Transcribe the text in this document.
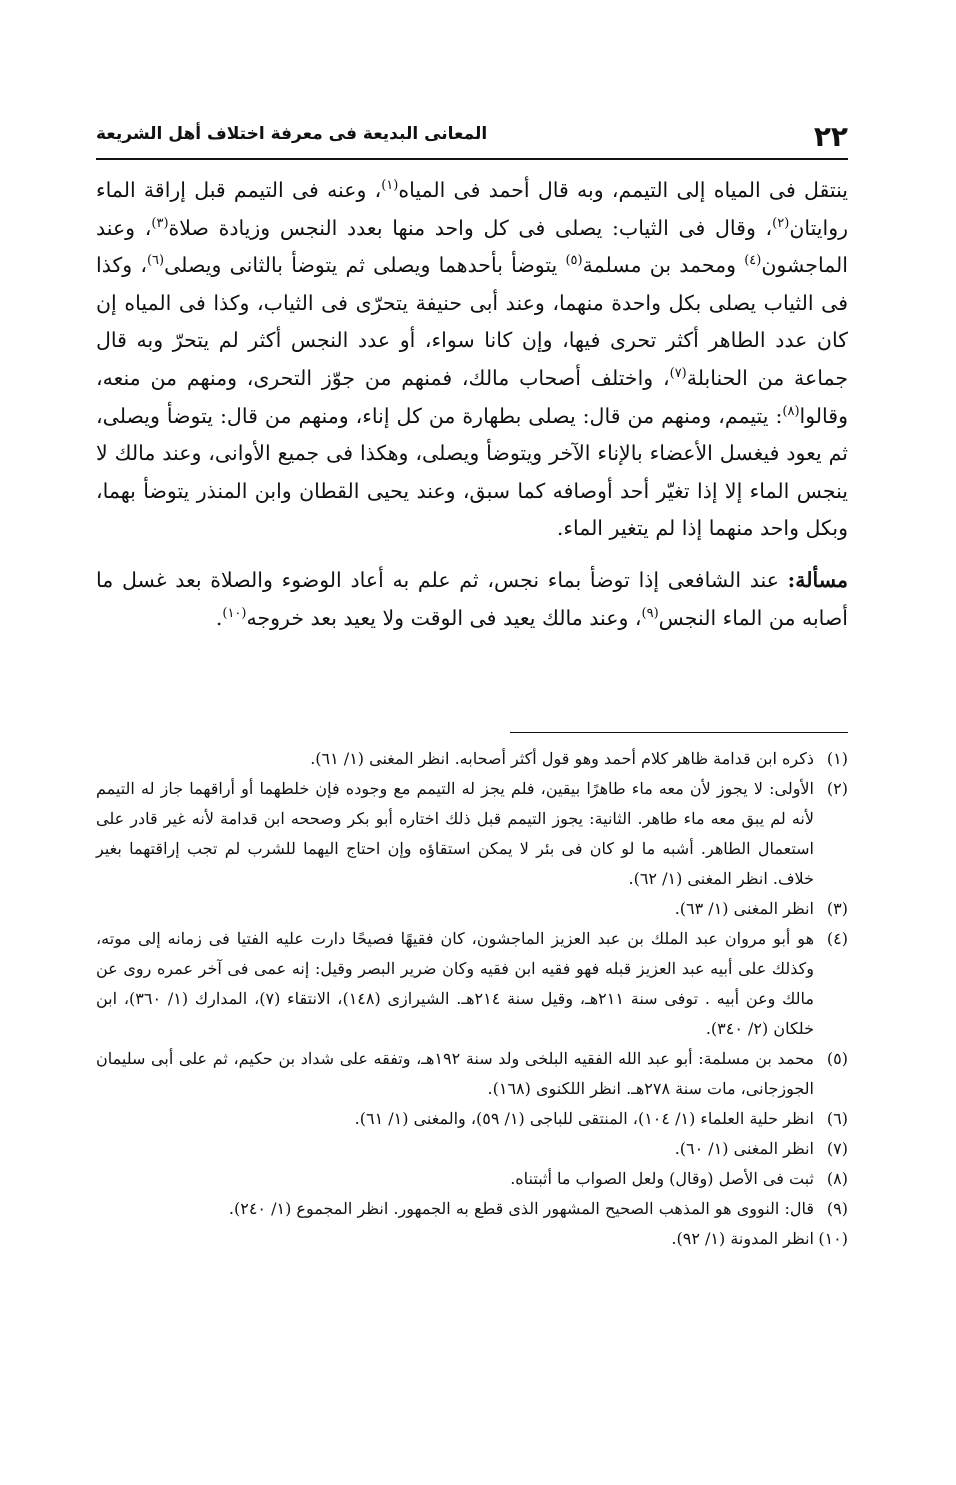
٢٢
المعانى البديعة فى معرفة اختلاف أهل الشريعة

ينتقل فى المياه إلى التيمم، وبه قال أحمد فى المياه$^{(١)}$، وعنه فى التيمم قبل إراقة الماء روايتان$^{(٢)}$، وقال فى الثياب: يصلى فى كل واحد منها بعدد النجس وزيادة صلاة$^{(٣)}$، وعند الماجشون$^{(٤)}$ ومحمد بن مسلمة$^{(٥)}$ يتوضأ بأحدهما ويصلى ثم يتوضأ بالثانى ويصلى$^{(٦)}$، وكذا فى الثياب يصلى بكل واحدة منهما، وعند أبى حنيفة يتحرّى فى الثياب، وكذا فى المياه إن كان عدد الطاهر أكثر تحرى فيها، وإن كانا سواء، أو عدد النجس أكثر لم يتحرّ وبه قال جماعة من الحنابلة$^{(٧)}$، واختلف أصحاب مالك، فمنهم من جوّز التحرى، ومنهم من منعه، وقالوا$^{(٨)}$: يتيمم، ومنهم من قال: يصلى بطهارة من كل إناء، ومنهم من قال: يتوضأ ويصلى، ثم يعود فيغسل الأعضاء بالإناء الآخر ويتوضأ ويصلى، وهكذا فى جميع الأوانى، وعند مالك لا ينجس الماء إلا إذا تغيّر أحد أوصافه كما سبق، وعند يحيى القطان وابن المنذر يتوضأ بهما، وبكل واحد منهما إذا لم يتغير الماء.

مسألة: عند الشافعى إذا توضأ بماء نجس، ثم علم به أعاد الوضوء والصلاة بعد غسل ما أصابه من الماء النجس$^{(٩)}$، وعند مالك يعيد فى الوقت ولا يعيد بعد خروجه$^{(١٠)}$.

(١)
ذكره ابن قدامة ظاهر كلام أحمد وهو قول أكثر أصحابه. انظر المغنى (١/ ٦١).

(٢)
الأولى: لا يجوز لأن معه ماء طاهرًا بيقين، فلم يجز له التيمم مع وجوده فإن خلطهما أو أراقهما جاز له التيمم لأنه لم يبق معه ماء طاهر. الثانية: يجوز التيمم قبل ذلك اختاره أبو بكر وصححه ابن قدامة لأنه غير قادر على استعمال الطاهر. أشبه ما لو كان فى بئر لا يمكن استقاؤه وإن احتاج اليهما للشرب لم تجب إراقتهما بغير خلاف. انظر المغنى (١/ ٦٢).

(٣)
انظر المغنى (١/ ٦٣).

(٤)
هو أبو مروان عبد الملك بن عبد العزيز الماجشون، كان فقيهًا فصيحًا دارت عليه الفتيا فى زمانه إلى موته، وكذلك على أبيه عبد العزيز قبله فهو فقيه ابن فقيه وكان ضرير البصر وقيل: إنه عمى فى آخر عمره روى عن مالك وعن أبيه . توفى سنة ٢١١هـ، وقيل سنة ٢١٤هـ. الشيرازى (١٤٨)، الانتقاء (٧)، المدارك (١/ ٣٦٠)، ابن خلكان (٢/ ٣٤٠).

(٥)
محمد بن مسلمة: أبو عبد الله الفقيه البلخى ولد سنة ١٩٢هـ، وتفقه على شداد بن حكيم، ثم على أبى سليمان الجوزجانى، مات سنة ٢٧٨هـ. انظر اللكنوى (١٦٨).

(٦)
انظر حلية العلماء (١/ ١٠٤)، المنتقى للباجى (١/ ٥٩)، والمغنى (١/ ٦١).

(٧)
انظر المغنى (١/ ٦٠).

(٨)
ثبت فى الأصل (وقال) ولعل الصواب ما أثبتناه.

(٩)
قال: النووى هو المذهب الصحيح المشهور الذى قطع به الجمهور. انظر المجموع (١/ ٢٤٠).

(١٠)
انظر المدونة (١/ ٩٢).
